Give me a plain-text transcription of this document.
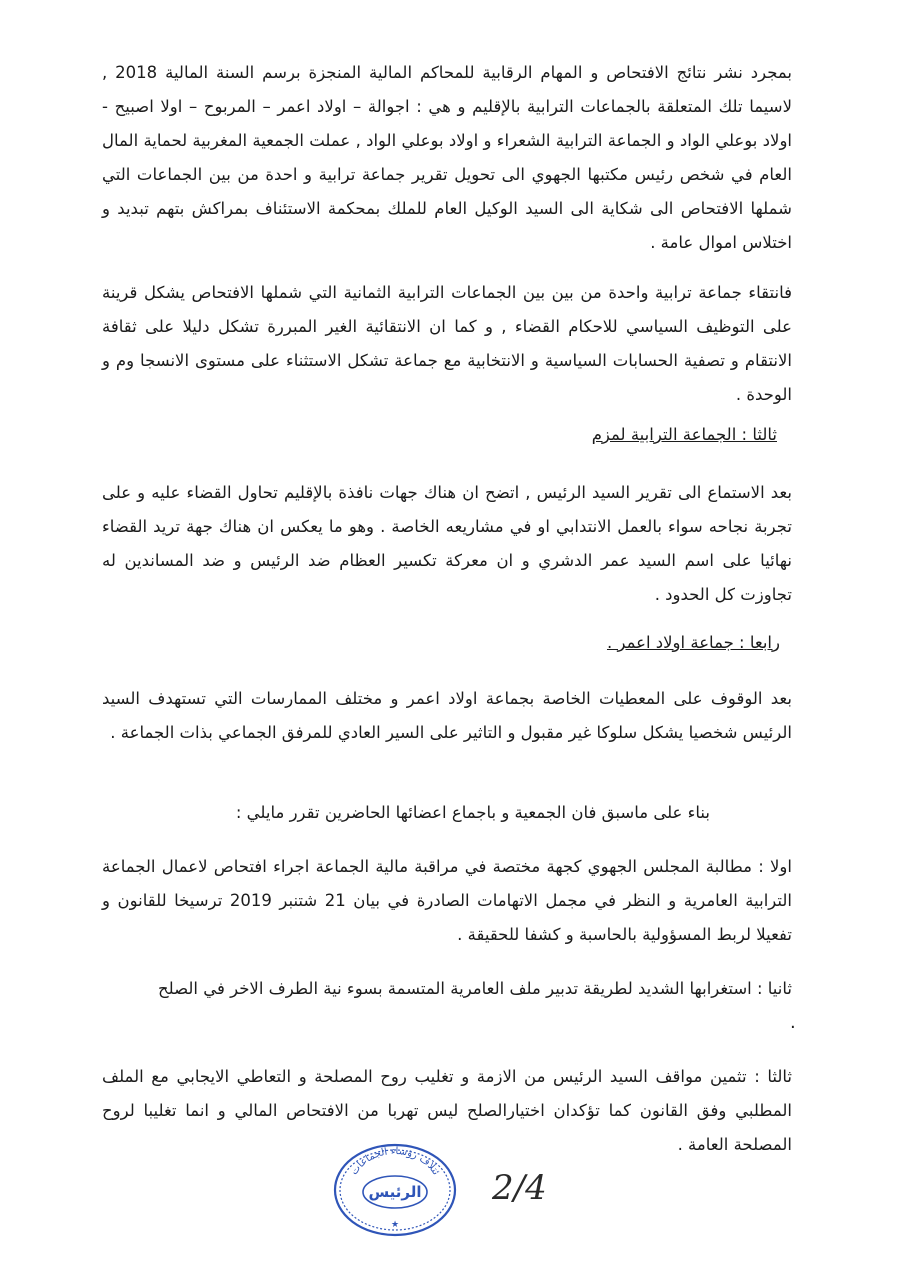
بمجرد نشر نتائج الافتحاص و المهام الرقابية للمحاكم المالية المنجزة برسم السنة المالية 2018 , لاسيما تلك المتعلقة بالجماعات الترابية بالإقليم و هي : اجوالة – اولاد اعمر – المربوح – اولا اصبيح - اولاد بوعلي الواد و الجماعة الترابية الشعراء و اولاد بوعلي الواد , عملت الجمعية المغربية لحماية المال العام في شخص رئيس مكتبها الجهوي الى تحويل تقرير جماعة ترابية و احدة من بين الجماعات التي شملها الافتحاص الى شكاية الى السيد الوكيل العام للملك بمحكمة الاستئناف بمراكش بتهم تبديد و اختلاس اموال عامة .
فانتقاء جماعة ترابية واحدة من بين بين الجماعات الترابية الثمانية التي شملها الافتحاص يشكل قرينة على التوظيف السياسي للاحكام القضاء , و كما ان الانتقائية الغير المبررة تشكل دليلا على ثقافة الانتقام و تصفية الحسابات السياسية و الانتخابية مع جماعة تشكل الاستثناء على مستوى الانسجا وم و الوحدة .
ثالثا : الجماعة الترابية لمزم
بعد الاستماع الى تقرير السيد الرئيس , اتضح ان هناك جهات نافذة بالإقليم تحاول القضاء عليه و على تجربة نجاحه سواء بالعمل الانتدابي او في مشاريعه الخاصة . وهو ما يعكس ان هناك جهة تريد القضاء نهائيا على اسم السيد عمر الدشري و ان معركة تكسير العظام ضد الرئيس و ضد المساندين له تجاوزت كل الحدود .
رابعا : جماعة اولاد اعمر .
بعد الوقوف على المعطيات الخاصة بجماعة اولاد اعمر و مختلف الممارسات التي تستهدف السيد الرئيس شخصيا يشكل سلوكا غير مقبول و التاثير على السير العادي للمرفق الجماعي بذات الجماعة .
بناء على ماسبق فان الجمعية و باجماع اعضائها الحاضرين تقرر مايلي :
اولا : مطالبة المجلس الجهوي كجهة مختصة في مراقبة مالية الجماعة اجراء افتحاص لاعمال الجماعة الترابية العامرية و النظر في مجمل الاتهامات الصادرة في بيان 21 شتنبر 2019 ترسيخا للقانون و تفعيلا لربط المسؤولية بالحاسبة و كشفا للحقيقة .
ثانيا : استغرابها الشديد لطريقة تدبير ملف العامرية المتسمة بسوء نية الطرف الاخر في الصلح
.
ثالثا : تثمين مواقف السيد الرئيس من الازمة و تغليب روح المصلحة و التعاطي الايجابي مع الملف المطلبي وفق القانون كما تؤكدان اختيارالصلح ليس تهربا من الافتحاص المالي و انما تغليبا لروح المصلحة العامة .
ئتلاف رؤساء الجماعات
الرئيس
★
2/4
